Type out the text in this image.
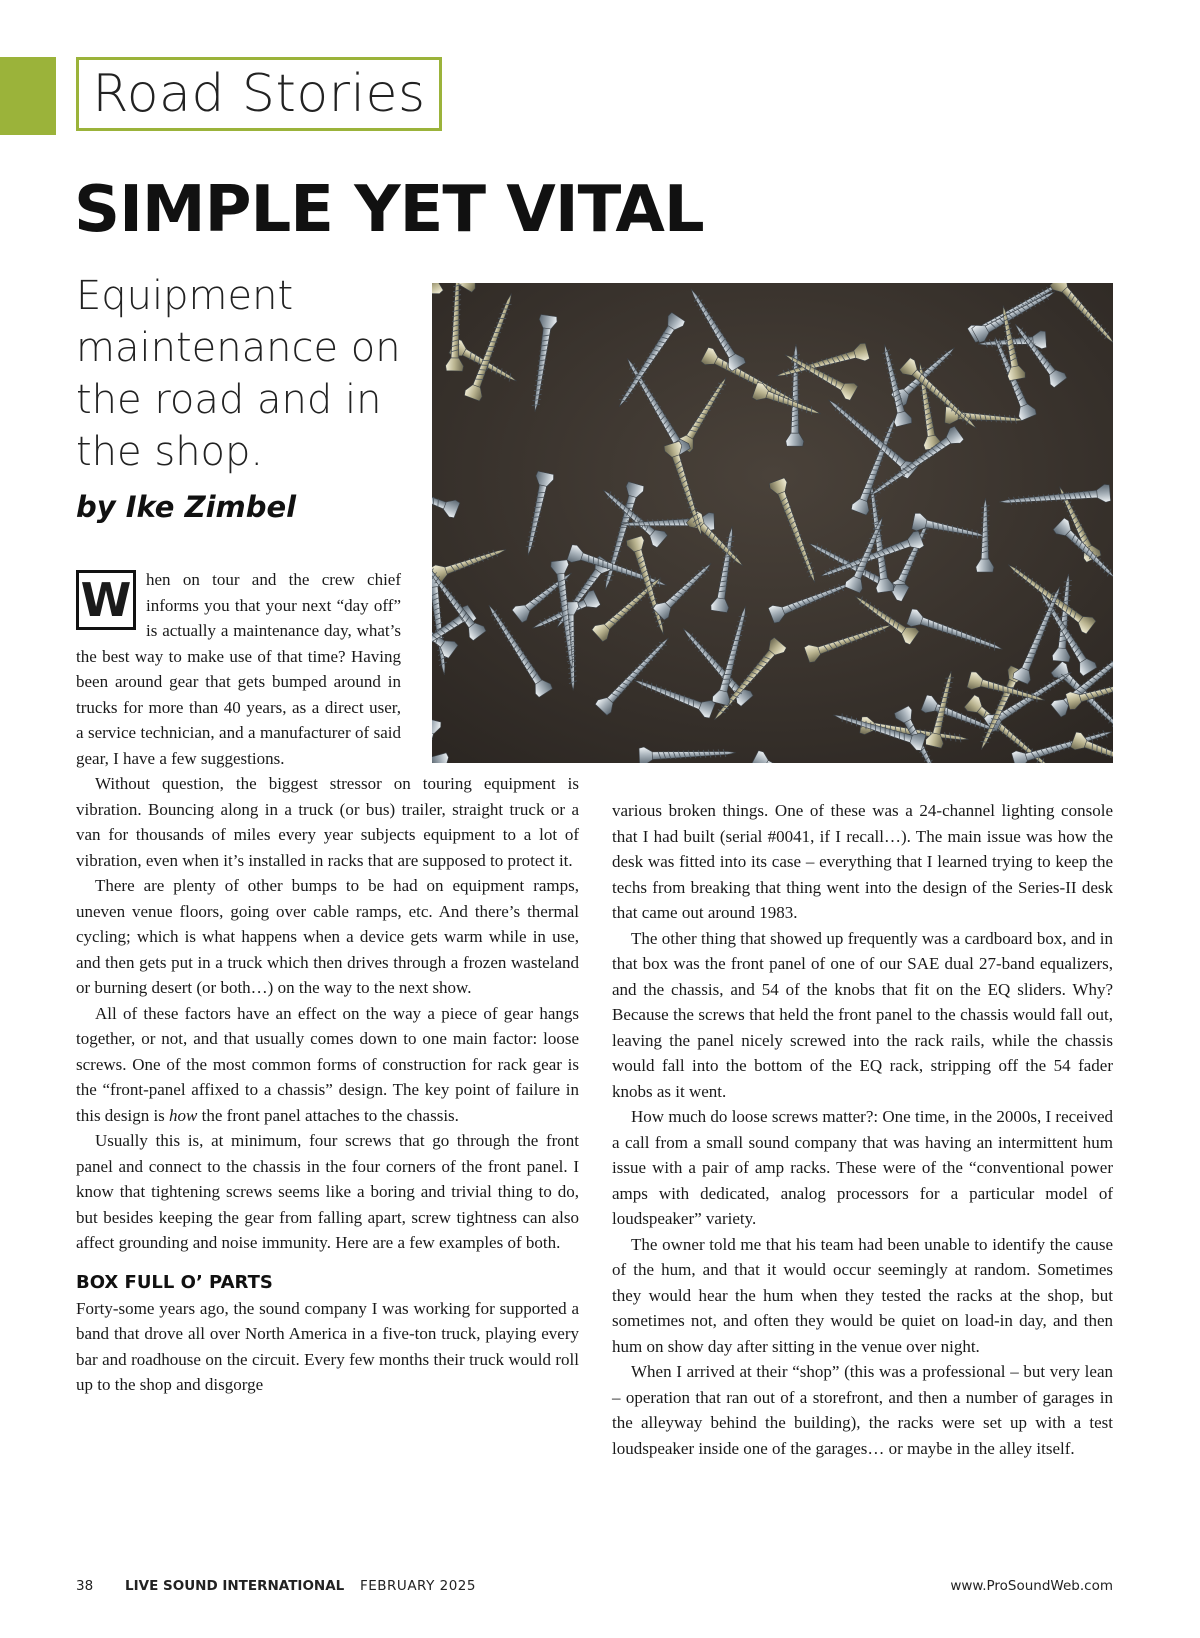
Road Stories
SIMPLE YET VITAL

Equipment maintenance on the road and in the shop.

by Ike Zimbel

W hen on tour and the crew chief informs you that your next “day off” is actually a maintenance day, what’s the best way to make use of that time? Having been around gear that gets bumped around in trucks for more than 40 years, as a direct user, a service technician, and a manufacturer of said gear, I have a few suggestions.

Without question, the biggest stressor on touring equipment is vibration. Bouncing along in a truck (or bus) trailer, straight truck or a van for thousands of miles every year subjects equipment to a lot of vibration, even when it’s installed in racks that are supposed to protect it.

There are plenty of other bumps to be had on equipment ramps, uneven venue floors, going over cable ramps, etc. And there’s thermal cycling; which is what happens when a device gets warm while in use, and then gets put in a truck which then drives through a frozen wasteland or burning desert (or both…) on the way to the next show.

All of these factors have an effect on the way a piece of gear hangs together, or not, and that usually comes down to one main factor: loose screws. One of the most common forms of construction for rack gear is the “front-panel affixed to a chassis” design. The key point of failure in this design is how the front panel attaches to the chassis.

Usually this is, at minimum, four screws that go through the front panel and connect to the chassis in the four corners of the front panel. I know that tightening screws seems like a boring and trivial thing to do, but besides keeping the gear from falling apart, screw tightness can also affect grounding and noise immunity. Here are a few examples of both.

BOX FULL O’ PARTS

Forty-some years ago, the sound company I was working for supported a band that drove all over North America in a five-ton truck, playing every bar and roadhouse on the circuit. Every few months their truck would roll up to the shop and disgorge

various broken things. One of these was a 24-channel lighting console that I had built (serial #0041, if I recall…). The main issue was how the desk was fitted into its case – everything that I learned trying to keep the techs from breaking that thing went into the design of the Series-II desk that came out around 1983.

The other thing that showed up frequently was a cardboard box, and in that box was the front panel of one of our SAE dual 27-band equalizers, and the chassis, and 54 of the knobs that fit on the EQ sliders. Why? Because the screws that held the front panel to the chassis would fall out, leaving the panel nicely screwed into the rack rails, while the chassis would fall into the bottom of the EQ rack, stripping off the 54 fader knobs as it went.

How much do loose screws matter?: One time, in the 2000s, I received a call from a small sound company that was having an intermittent hum issue with a pair of amp racks. These were of the “conventional power amps with dedicated, analog processors for a particular model of loudspeaker” variety.

The owner told me that his team had been unable to identify the cause of the hum, and that it would occur seemingly at random. Sometimes they would hear the hum when they tested the racks at the shop, but sometimes not, and often they would be quiet on load-in day, and then hum on show day after sitting in the venue over night.

When I arrived at their “shop” (this was a professional – but very lean – operation that ran out of a storefront, and then a number of garages in the alleyway behind the building), the racks were set up with a test loudspeaker inside one of the garages… or maybe in the alley itself.

38 LIVE SOUND INTERNATIONAL FEBRUARY 2025	www.ProSoundWeb.com
